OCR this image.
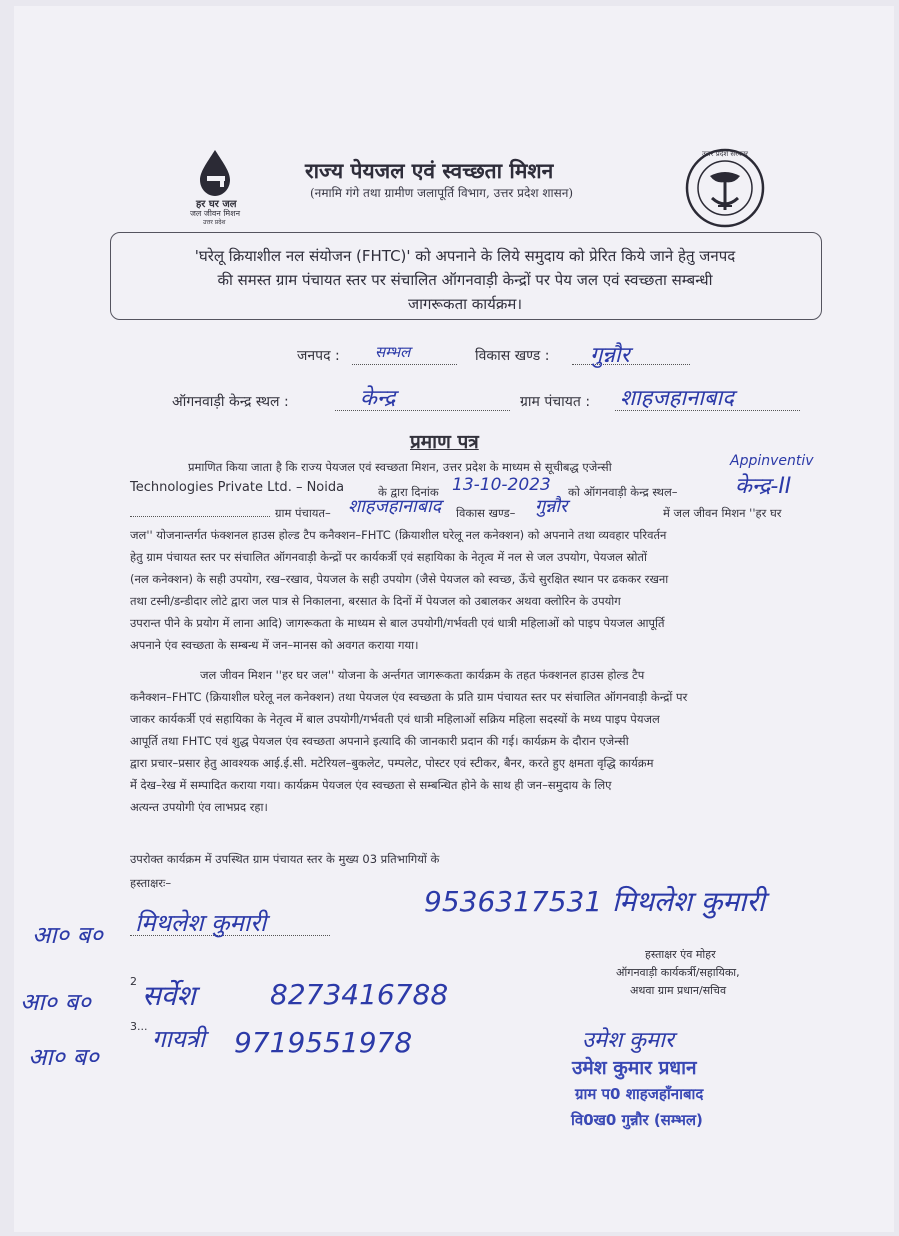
हर घर जल
जल जीवन मिशन
उत्तर प्रदेश
राज्य पेयजल एवं स्वच्छता मिशन
(नमामि गंगे तथा ग्रामीण जलापूर्ति विभाग, उत्तर प्रदेश शासन)
उत्तर प्रदेश सरकार
'घरेलू क्रियाशील नल संयोजन (FHTC)' को अपनाने के लिये समुदाय को प्रेरित किये जाने हेतु जनपद
की समस्त ग्राम पंचायत स्तर पर संचालित ऑगनवाड़ी केन्द्रों पर पेय जल एवं स्वच्छता सम्बन्धी
जागरूकता कार्यक्रम।
जनपद : सम्भल	विकास खण्ड : गुन्नौर
ऑगनवाड़ी केन्द्र स्थल :	केन्द्र	ग्राम पंचायत : शाहजहानाबाद
प्रमाण पत्र
प्रमाणित किया जाता है कि राज्य पेयजल एवं स्वच्छता मिशन, उत्तर प्रदेश के माध्यम से सूचीबद्ध एजेन्सी	Appinventiv
Technologies Private Ltd. – Noida	के द्वारा दिनांक 13-10-2023 को ऑगनवाड़ी केन्द्र स्थल–	केन्द्र-II
ग्राम पंचायत– शाहजहानाबाद विकास खण्ड– गुन्नौर	में जल जीवन मिशन ''हर घर
जल'' योजनान्तर्गत फंक्शनल हाउस होल्ड टैप कनैक्शन–FHTC (क्रियाशील घरेलू नल कनेक्शन) को अपनाने तथा व्यवहार परिवर्तन
हेतु ग्राम पंचायत स्तर पर संचालित ऑगनवाड़ी केन्द्रों पर कार्यकर्त्री एवं सहायिका के नेतृत्व में नल से जल उपयोग, पेयजल स्रोतों
(नल कनेक्शन) के सही उपयोग, रख–रखाव, पेयजल के सही उपयोग (जैसे पेयजल को स्वच्छ, ऊँचे सुरक्षित स्थान पर ढककर रखना
तथा टस्नी/डन्डीदार लोटे द्वारा जल पात्र से निकालना, बरसात के दिनों में पेयजल को उबालकर अथवा क्लोरिन के उपयोग
उपरान्त पीने के प्रयोग में लाना आदि) जागरूकता के माध्यम से बाल उपयोगी/गर्भवती एवं धात्री महिलाओं को पाइप पेयजल आपूर्ति
अपनाने एंव स्वच्छता के सम्बन्ध में जन–मानस को अवगत कराया गया।
जल जीवन मिशन ''हर घर जल'' योजना के अर्न्तगत जागरूकता कार्यक्रम के तहत फंक्शनल हाउस होल्ड टैप
कनैक्शन–FHTC (क्रियाशील घरेलू नल कनेक्शन) तथा पेयजल एंव स्वच्छता के प्रति ग्राम पंचायत स्तर पर संचालित ऑगनवाड़ी केन्द्रों पर
जाकर कार्यकर्त्री एवं सहायिका के नेतृत्व में बाल उपयोगी/गर्भवती एवं धात्री महिलाओं सक्रिय महिला सदस्यों के मध्य पाइप पेयजल
आपूर्ति तथा FHTC एवं शुद्ध पेयजल एंव स्वच्छता अपनाने इत्यादि की जानकारी प्रदान की गई। कार्यक्रम के दौरान एजेन्सी
द्वारा प्रचार–प्रसार हेतु आवश्यक आई.ई.सी. मटेरियल–बुकलेट, पम्पलेट, पोस्टर एवं स्टीकर, बैनर, करते हुए क्षमता वृद्धि कार्यक्रम
मेंं देख–रेख में सम्पादित कराया गया। कार्यक्रम पेयजल एंव स्वच्छता से सम्बन्धित होने के साथ ही जन–समुदाय के लिए
अत्यन्त उपयोगी एंव लाभप्रद रहा।
उपरोक्त कार्यक्रम में उपस्थित ग्राम पंचायत स्तर के मुख्य 03 प्रतिभागियों के
हस्ताक्षरः–
आ० ब० मिथलेश कुमारी
2
आ० ब० सर्वेश	8273416788
3...
आ० ब०
गायत्री 9719551978
9536317531 मिथलेश कुमारी
हस्ताक्षर एंव मोहर
ऑगनवाड़ी कार्यकर्त्री/सहायिका,
अथवा ग्राम प्रधान/सचिव
उमेश कुमार
उमेश कुमार प्रधान
ग्राम प0 शाहजहाँनाबाद
वि0ख0 गुन्नौर (सम्भल)
